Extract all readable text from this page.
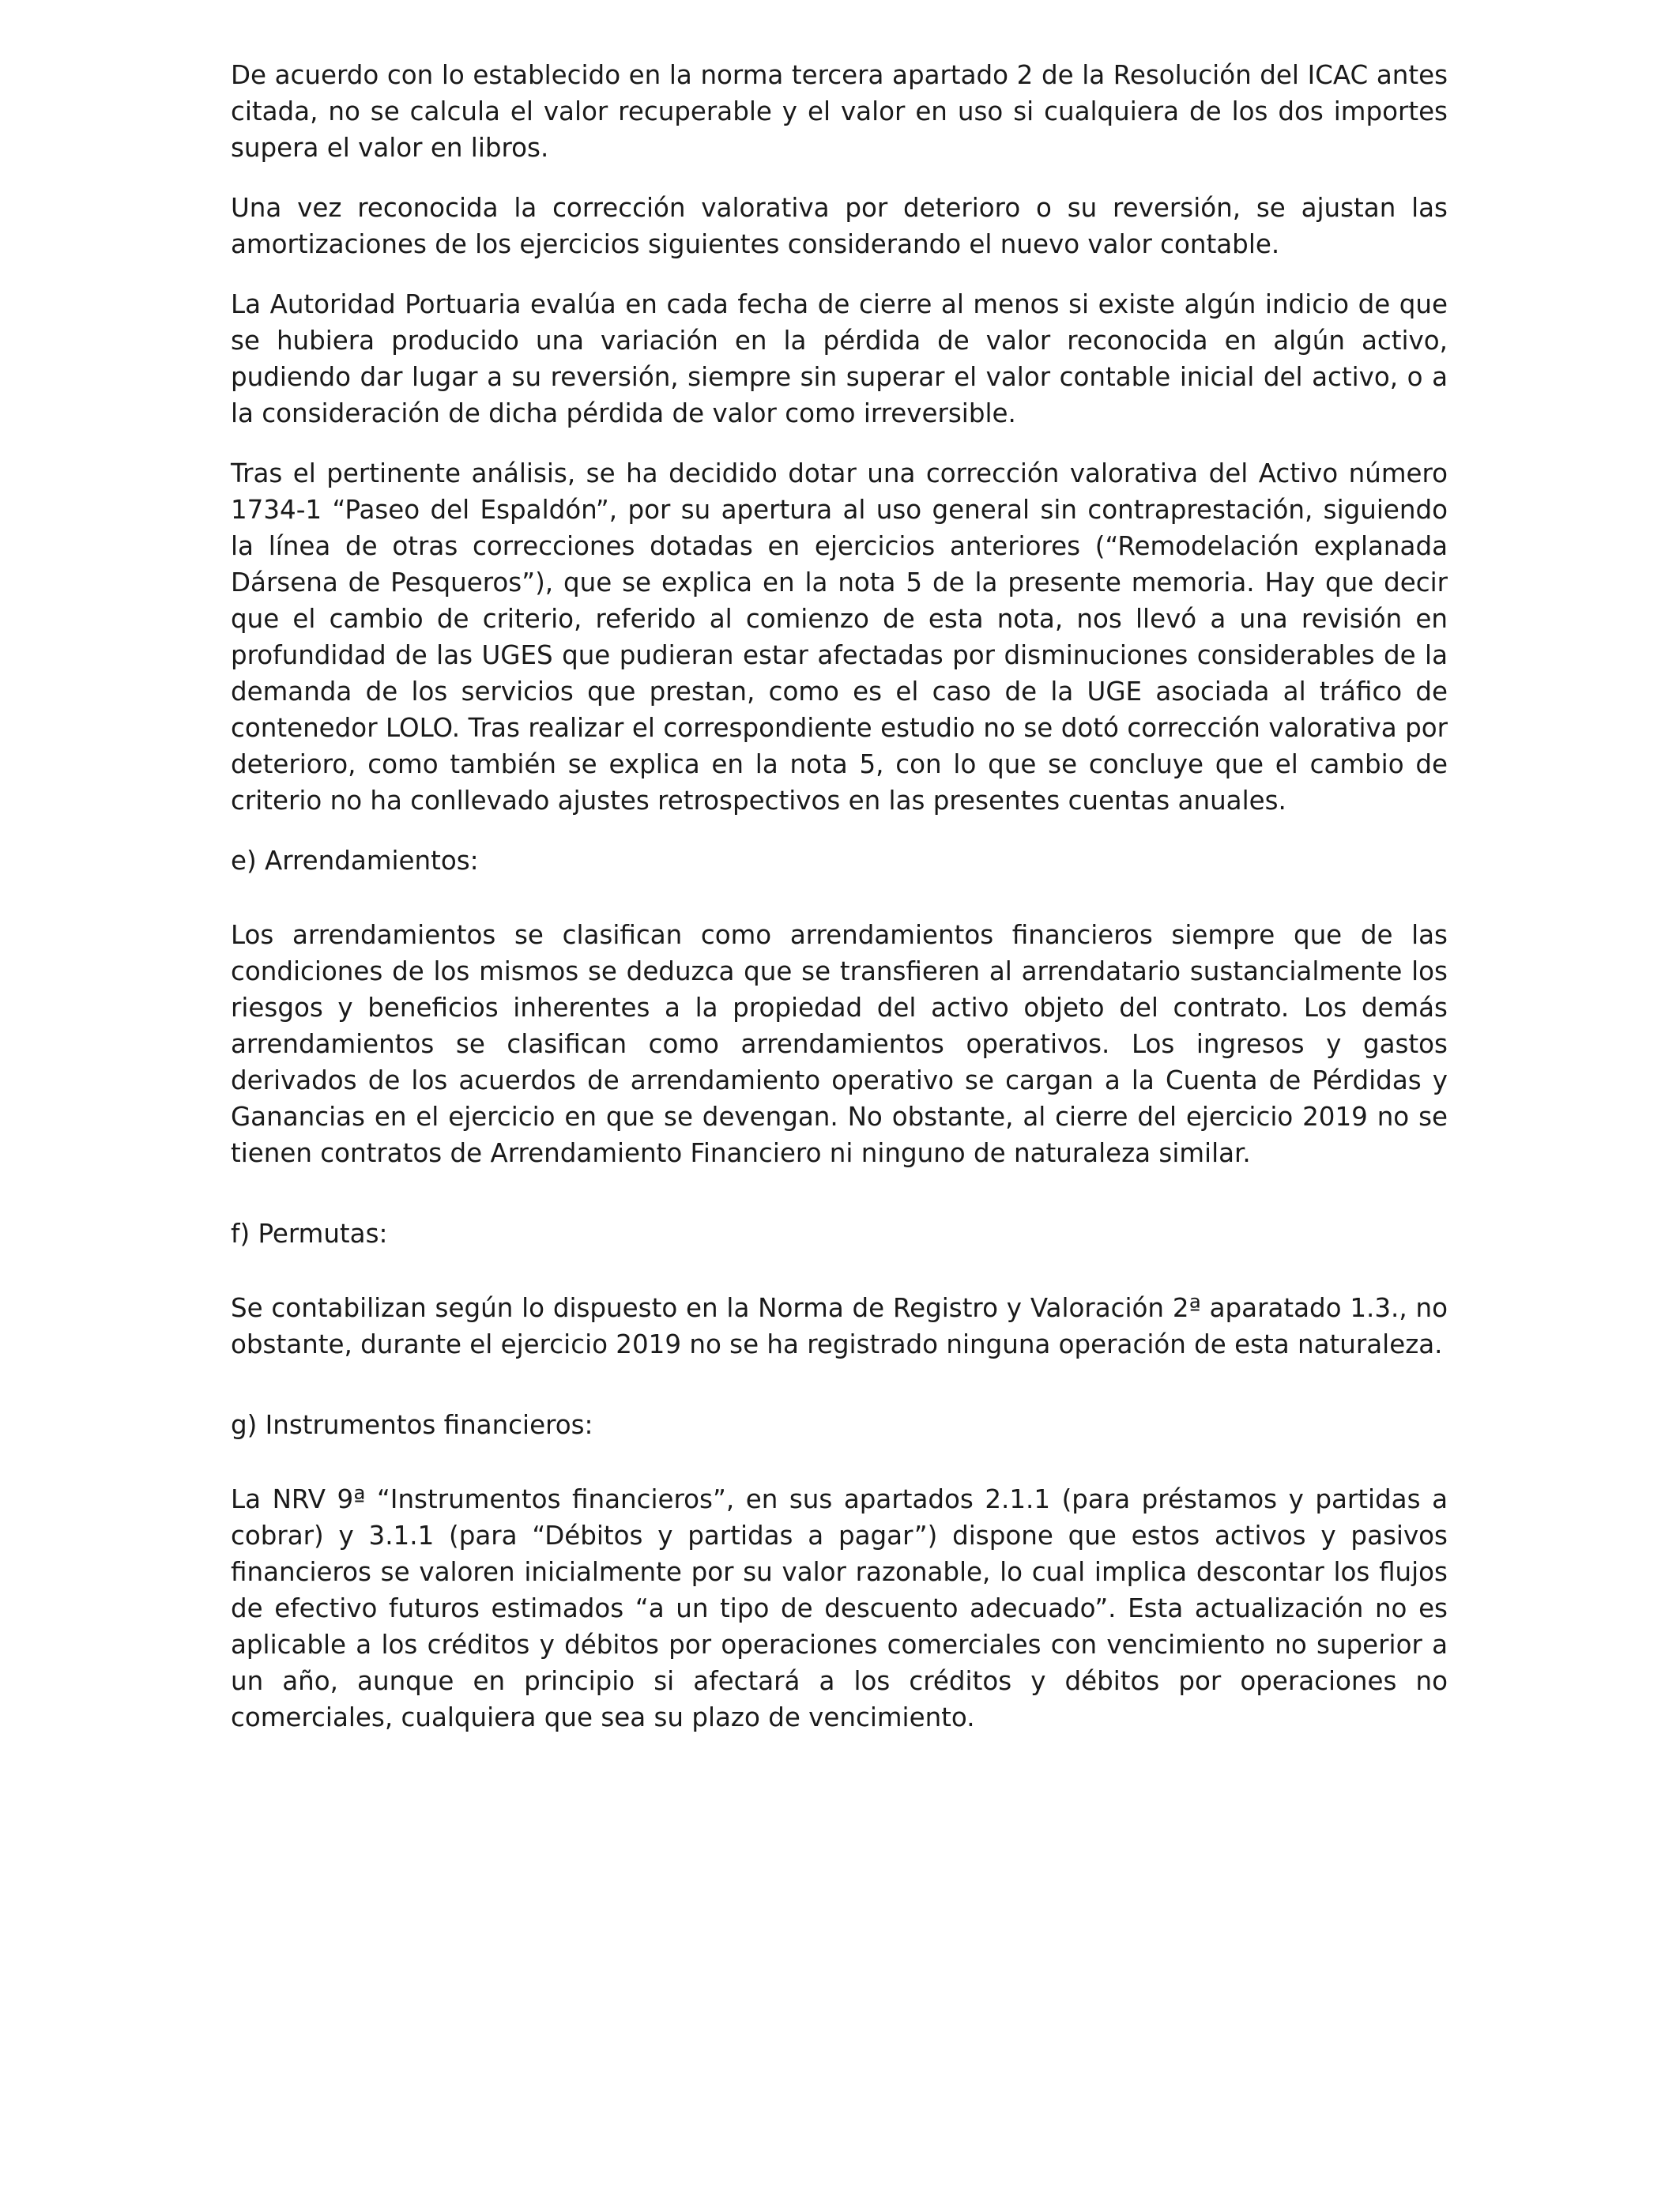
De acuerdo con lo establecido en la norma tercera apartado 2 de la Resolución del ICAC antes citada, no se calcula el valor recuperable y el valor en uso si cualquiera de los dos importes supera el valor en libros.

Una vez reconocida la corrección valorativa por deterioro o su reversión, se ajustan las amortizaciones de los ejercicios siguientes considerando el nuevo valor contable.

La Autoridad Portuaria evalúa en cada fecha de cierre al menos si existe algún indicio de que se hubiera producido una variación en la pérdida de valor reconocida en algún activo, pudiendo dar lugar a su reversión, siempre sin superar el valor contable inicial del activo, o a la consideración de dicha pérdida de valor como irreversible.

Tras el pertinente análisis, se ha decidido dotar una corrección valorativa del Activo número 1734-1 “Paseo del Espaldón”, por su apertura al uso general sin contraprestación, siguiendo la línea de otras correcciones dotadas en ejercicios anteriores (“Remodelación explanada Dársena de Pesqueros”), que se explica en la nota 5 de la presente memoria. Hay que decir que el cambio de criterio, referido al comienzo de esta nota, nos llevó a una revisión en profundidad de las UGES que pudieran estar afectadas por disminuciones considerables de la demanda de los servicios que prestan, como es el caso de la UGE asociada al tráfico de contenedor LOLO. Tras realizar el correspondiente estudio no se dotó corrección valorativa por deterioro, como también se explica en la nota 5, con lo que se concluye que el cambio de criterio no ha conllevado ajustes retrospectivos en las presentes cuentas anuales.

e) Arrendamientos:

Los arrendamientos se clasifican como arrendamientos financieros siempre que de las condiciones de los mismos se deduzca que se transfieren al arrendatario sustancialmente los riesgos y beneficios inherentes a la propiedad del activo objeto del contrato. Los demás arrendamientos se clasifican como arrendamientos operativos. Los ingresos y gastos derivados de los acuerdos de arrendamiento operativo se cargan a la Cuenta de Pérdidas y Ganancias en el ejercicio en que se devengan. No obstante, al cierre del ejercicio 2019 no se tienen contratos de Arrendamiento Financiero ni ninguno de naturaleza similar.

f) Permutas:

Se contabilizan según lo dispuesto en la Norma de Registro y Valoración 2ª aparatado 1.3., no obstante, durante el ejercicio 2019 no se ha registrado ninguna operación de esta naturaleza.

g) Instrumentos financieros:

La NRV 9ª “Instrumentos financieros”, en sus apartados 2.1.1 (para préstamos y partidas a cobrar) y 3.1.1 (para “Débitos y partidas a pagar”) dispone que estos activos y pasivos financieros se valoren inicialmente por su valor razonable, lo cual implica descontar los flujos de efectivo futuros estimados “a un tipo de descuento adecuado”. Esta actualización no es aplicable a los créditos y débitos por operaciones comerciales con vencimiento no superior a un año, aunque en principio si afectará a los créditos y débitos por operaciones no comerciales, cualquiera que sea su plazo de vencimiento.
